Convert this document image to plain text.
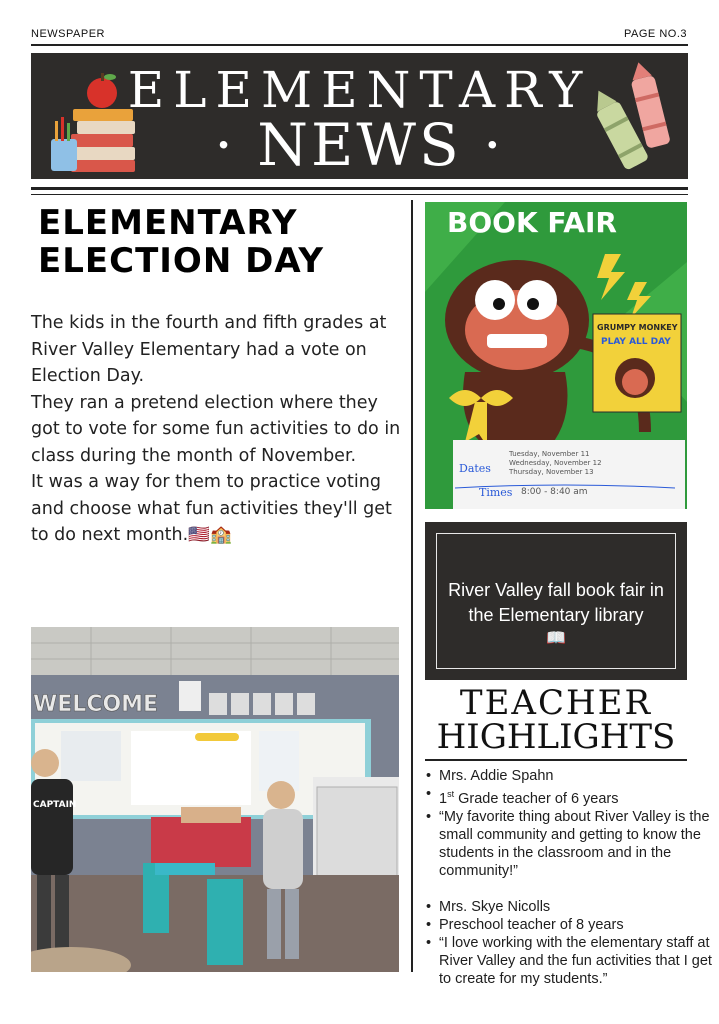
NEWSPAPER	PAGE NO.3
ELEMENTARY
· NEWS ·
ELEMENTARY
ELECTION DAY

The kids in the fourth and fifth grades at River Valley Elementary had a vote on Election Day.

They ran a pretend election where they got to vote for some fun activities to do in class during the month of November.

It was a way for them to practice voting and choose what fun activities they'll get to do next month.🇺🇸🏫

WELCOME
CAPTAIN
BOOK FAIR
GRUMPY MONKEY
PLAY ALL DAY
Dates
Tuesday, November 11
Wednesday, November 12
Thursday, November 13
Times 8:00 - 8:40 am
River Valley fall book fair in
the Elementary library
📖
TEACHER
HIGHLIGHTS
• Mrs. Addie Spahn
• 1st Grade teacher of 6 years
• “My favorite thing about River Valley is the small community and getting to know the students in the classroom and in the community!”
• Mrs. Skye Nicolls
• Preschool teacher of 8 years
• “I love working with the elementary staff at River Valley and the fun activities that I get to create for my students.”
